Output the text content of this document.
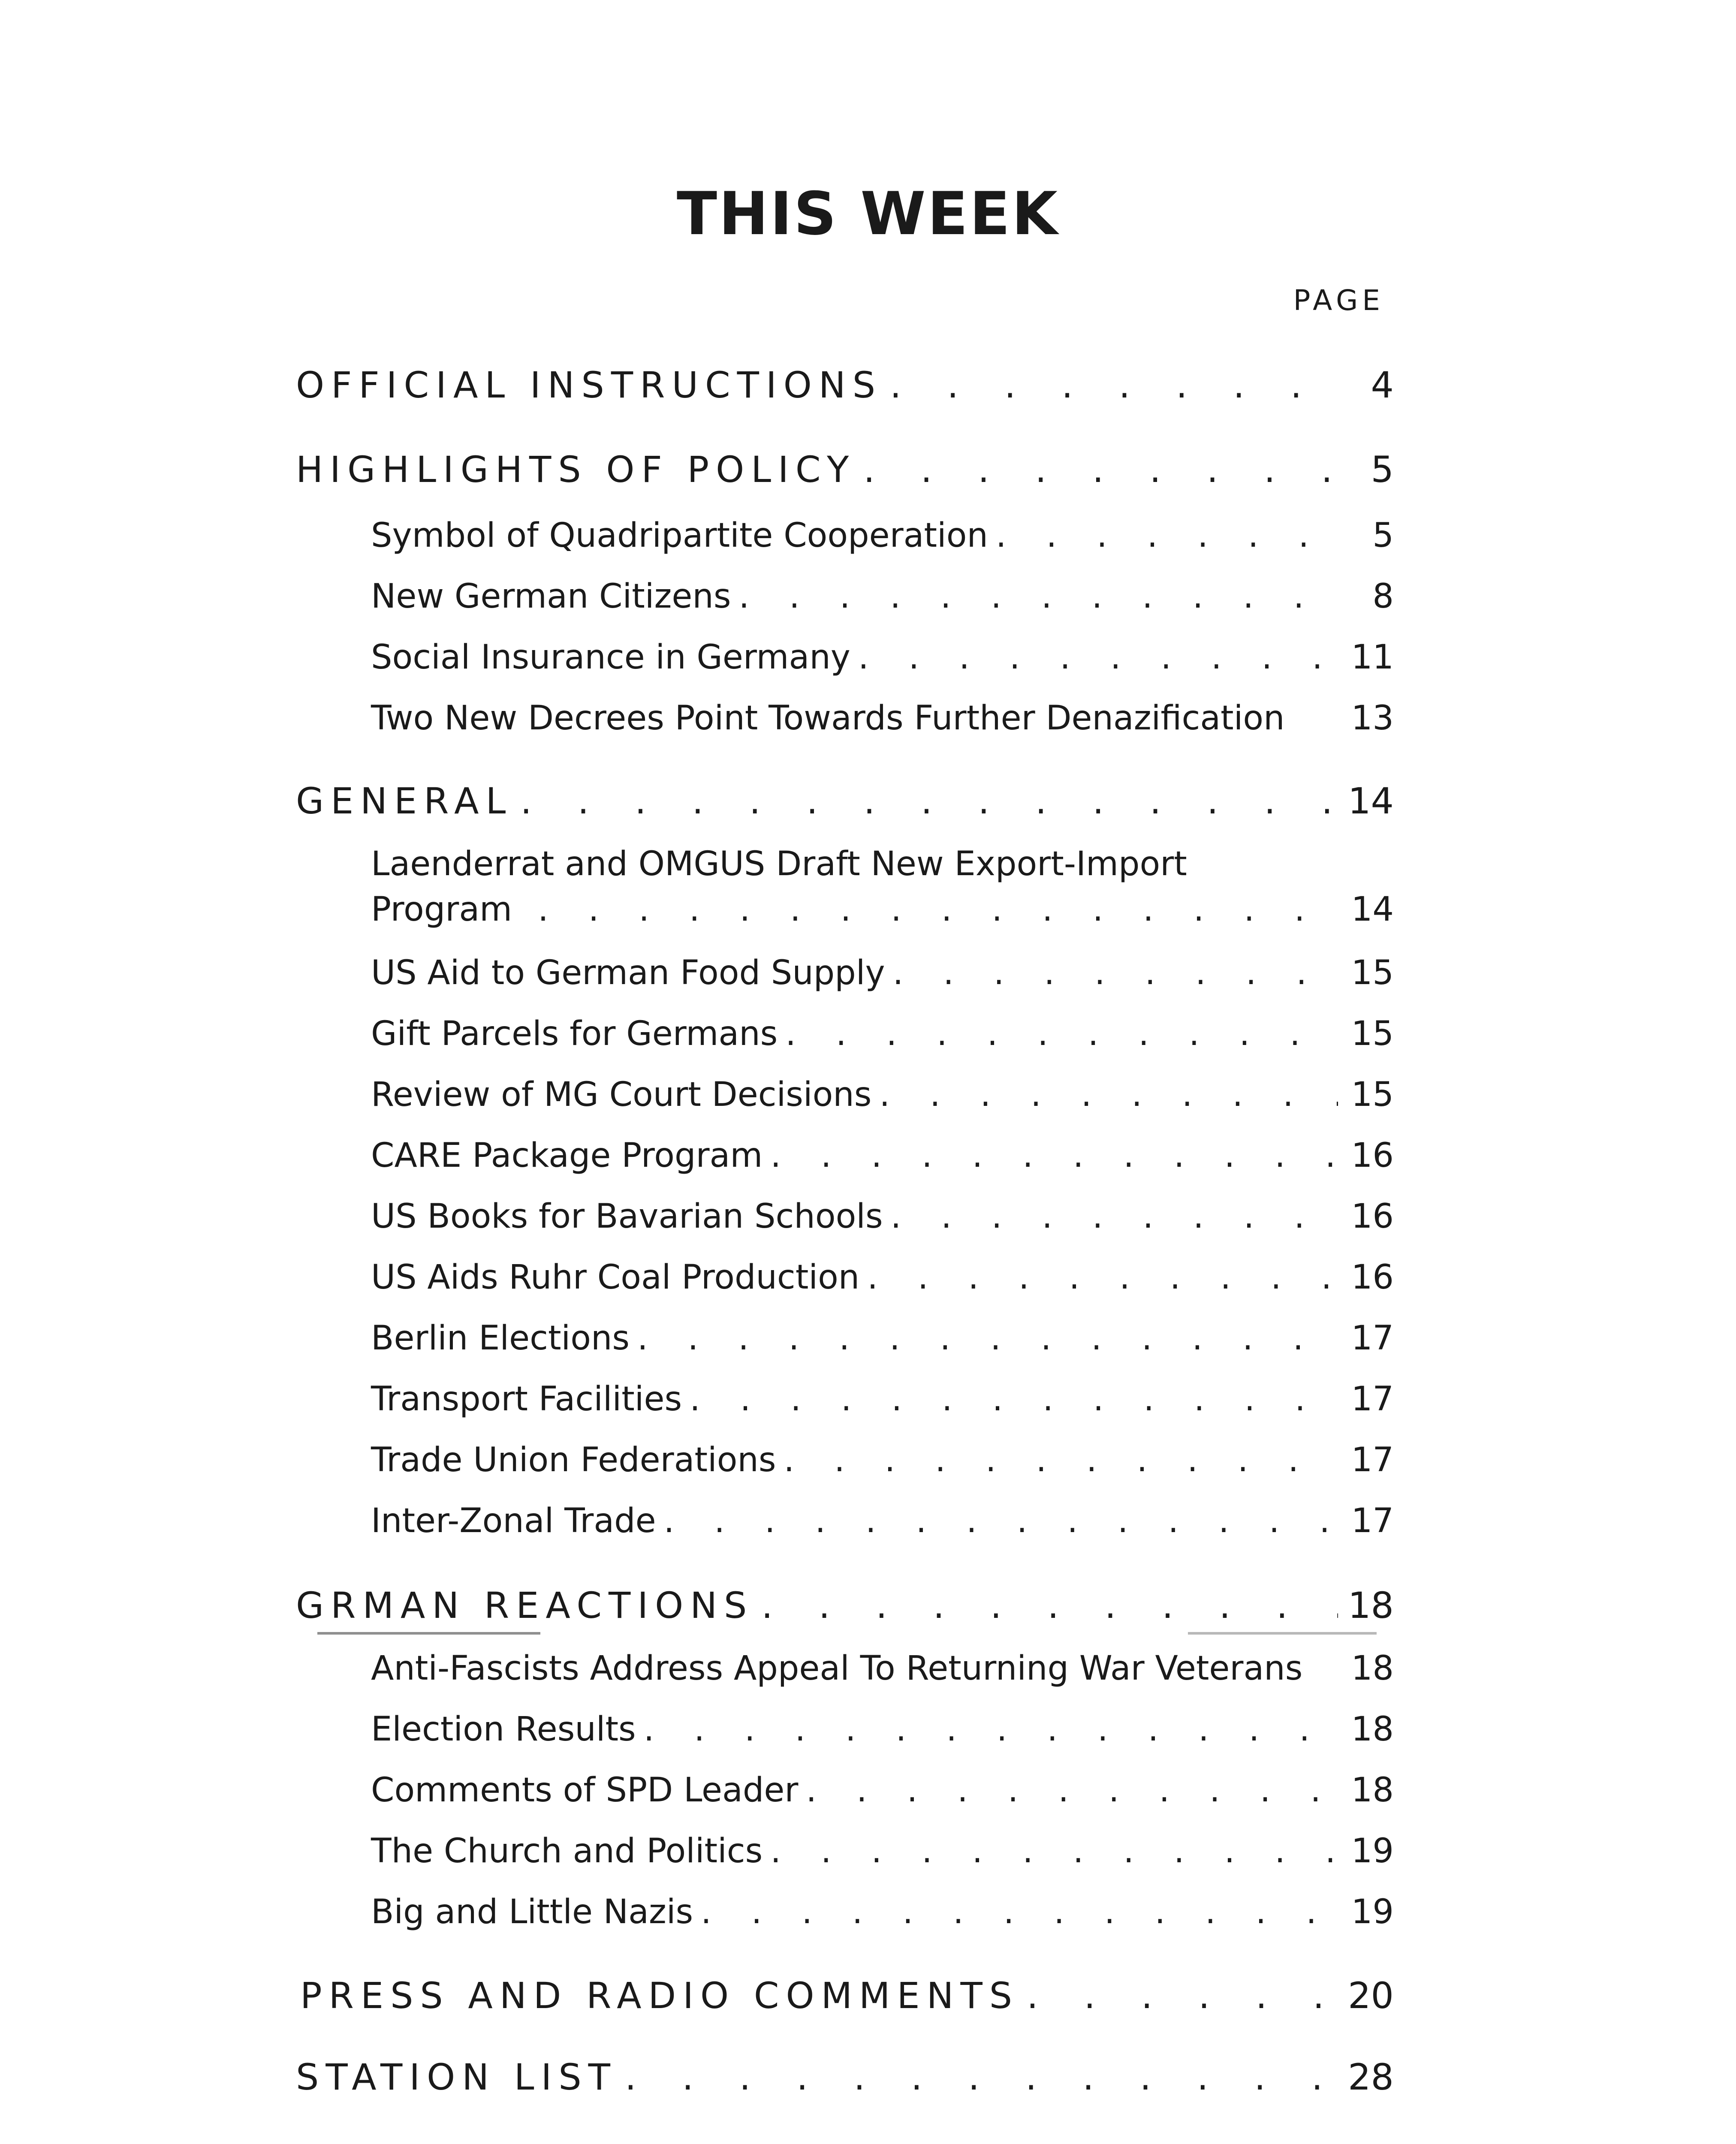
THIS WEEK
PAGE
OFFICIAL INSTRUCTIONS . . .	4
HIGHLIGHTS OF POLICY . . .	5
Symbol of Quadripartite Cooperation . . .	5
New German Citizens . . .	8
Social Insurance in Germany . . .	11
Two New Decrees Point Towards Further Denazification	13
GENERAL . . .	14
Laenderrat and OMGUS Draft New Export-Import
Program . . .	14
US Aid to German Food Supply . . .	15
Gift Parcels for Germans . . .	15
Review of MG Court Decisions . . .	15
CARE Package Program . . .	16
US Books for Bavarian Schools . . .	16
US Aids Ruhr Coal Production . . .	16
Berlin Elections . . .	17
Transport Facilities . . .	17
Trade Union Federations . . .	17
Inter-Zonal Trade . . .	17
GRMAN REACTIONS . . .	18
Anti-Fascists Address Appeal To Returning War Veterans	18
Election Results . . .	18
Comments of SPD Leader . . .	18
The Church and Politics . . .	19
Big and Little Nazis . . .	19
PRESS AND RADIO COMMENTS . . .	20
STATION LIST . . .	28
